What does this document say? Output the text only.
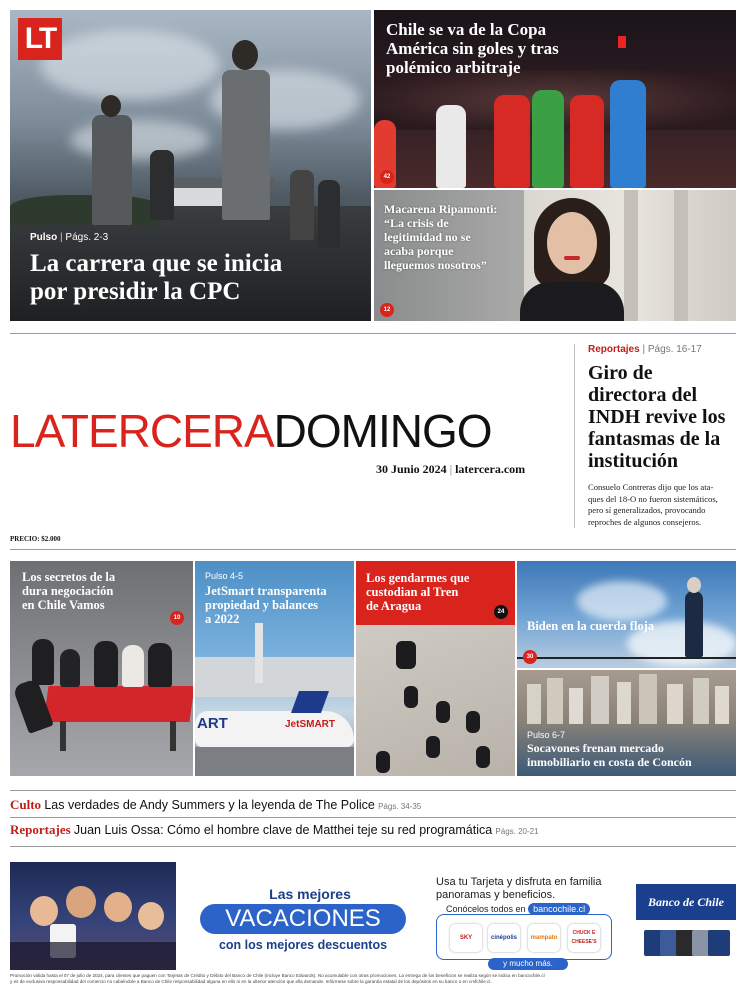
LT
Pulso | Págs. 2-3
La carrera que se inicia
por presidir la CPC
Chile se va de la Copa
América sin goles y tras
polémico arbitraje
42
Macarena Ripamonti:
“La crisis de
legitimidad no se
acaba porque
lleguemos nosotros”
12
LATERCERADOMINGO
30 Junio 2024 | latercera.com
PRECIO: $2.000
Reportajes | Págs. 16-17
Giro de
directora del
INDH revive los
fantasmas de la
institución
Consuelo Contreras dijo que los ata-
ques del 18-O no fueron sistemáticos,
pero sí generalizados, provocando
reproches de algunos consejeros.
Los secretos de la
dura negociación
en Chile Vamos
10
ART	JetSMART
Pulso 4-5
JetSmart transparenta
propiedad y balances
a 2022
Los gendarmes que
custodian al Tren
de Aragua	24
Biden en la cuerda floja
30
Pulso 6-7
Socavones frenan mercado
inmobiliario en costa de Concón
Culto Las verdades de Andy Summers y la leyenda de The Police Págs. 34-35
Reportajes Juan Luis Ossa: Cómo el hombre clave de Matthei teje su red programática Págs. 20-21
Las mejores
VACACIONES
con los mejores descuentos
Usa tu Tarjeta y disfruta en familia
panoramas y beneficios.
Conócelos todos en bancochile.cl
SKY	cinépolis	mampato
CHUCK E CHEESE'S
y mucho más.
Banco de Chile
Promoción válida hasta el 07 de julio de 2024, para clientes que paguen con Tarjetas de Crédito y Débito del Banco de Chile (incluye Banco Edwards). No acumulable con otras promociones. La entrega de los beneficios se realiza según se indica en bancochile.cl
y es de exclusiva responsabilidad del comercio no cabiéndole a Banco de Chile responsabilidad alguna en ello ni en la ulterior atención que ella demande. Infórmese sobre la garantía estatal de los depósitos en su banco o en cmfchile.cl.
